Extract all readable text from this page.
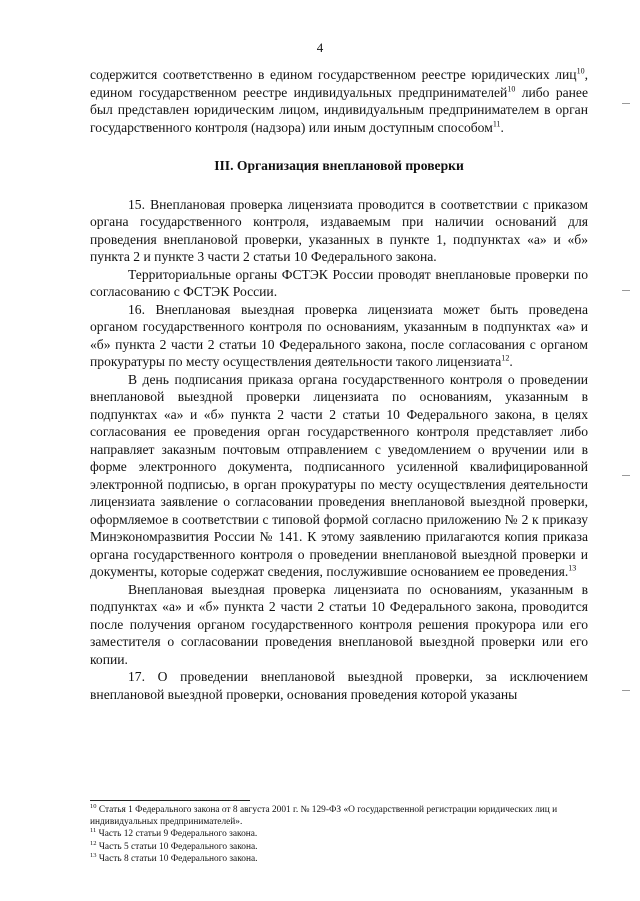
4

содержится соответственно в едином государственном реестре юридических лиц$^{10}$, едином государственном реестре индивидуальных предпринимателей$^{10}$ либо ранее был представлен юридическим лицом, индивидуальным предпринимателем в орган государственного контроля (надзора) или иным доступным способом$^{11}$.

III. Организация внеплановой проверки

15. Внеплановая проверка лицензиата проводится в соответствии с приказом органа государственного контроля, издаваемым при наличии оснований для проведения внеплановой проверки, указанных в пункте 1, подпунктах «а» и «б» пункта 2 и пункте 3 части 2 статьи 10 Федерального закона.

Территориальные органы ФСТЭК России проводят внеплановые проверки по согласованию с ФСТЭК России.

16. Внеплановая выездная проверка лицензиата может быть проведена органом государственного контроля по основаниям, указанным в подпунктах «а» и «б» пункта 2 части 2 статьи 10 Федерального закона, после согласования с органом прокуратуры по месту осуществления деятельности такого лицензиата$^{12}$.

В день подписания приказа органа государственного контроля о проведении внеплановой выездной проверки лицензиата по основаниям, указанным в подпунктах «а» и «б» пункта 2 части 2 статьи 10 Федерального закона, в целях согласования ее проведения орган государственного контроля представляет либо направляет заказным почтовым отправлением с уведомлением о вручении или в форме электронного документа, подписанного усиленной квалифицированной электронной подписью, в орган прокуратуры по месту осуществления деятельности лицензиата заявление о согласовании проведения внеплановой выездной проверки, оформляемое в соответствии с типовой формой согласно приложению № 2 к приказу Минэкономразвития России № 141. К этому заявлению прилагаются копия приказа органа государственного контроля о проведении внеплановой выездной проверки и документы, которые содержат сведения, послужившие основанием ее проведения.$^{13}$

Внеплановая выездная проверка лицензиата по основаниям, указанным в подпунктах «а» и «б» пункта 2 части 2 статьи 10 Федерального закона, проводится после получения органом государственного контроля решения прокурора или его заместителя о согласовании проведения внеплановой выездной проверки или его копии.

17. О проведении внеплановой выездной проверки, за исключением внеплановой выездной проверки, основания проведения которой указаны

$^{10}$ Статья 1 Федерального закона от 8 августа 2001 г. № 129-ФЗ «О государственной регистрации юридических лиц и индивидуальных предпринимателей».
$^{11}$ Часть 12 статьи 9 Федерального закона.
$^{12}$ Часть 5 статьи 10 Федерального закона.
$^{13}$ Часть 8 статьи 10 Федерального закона.
